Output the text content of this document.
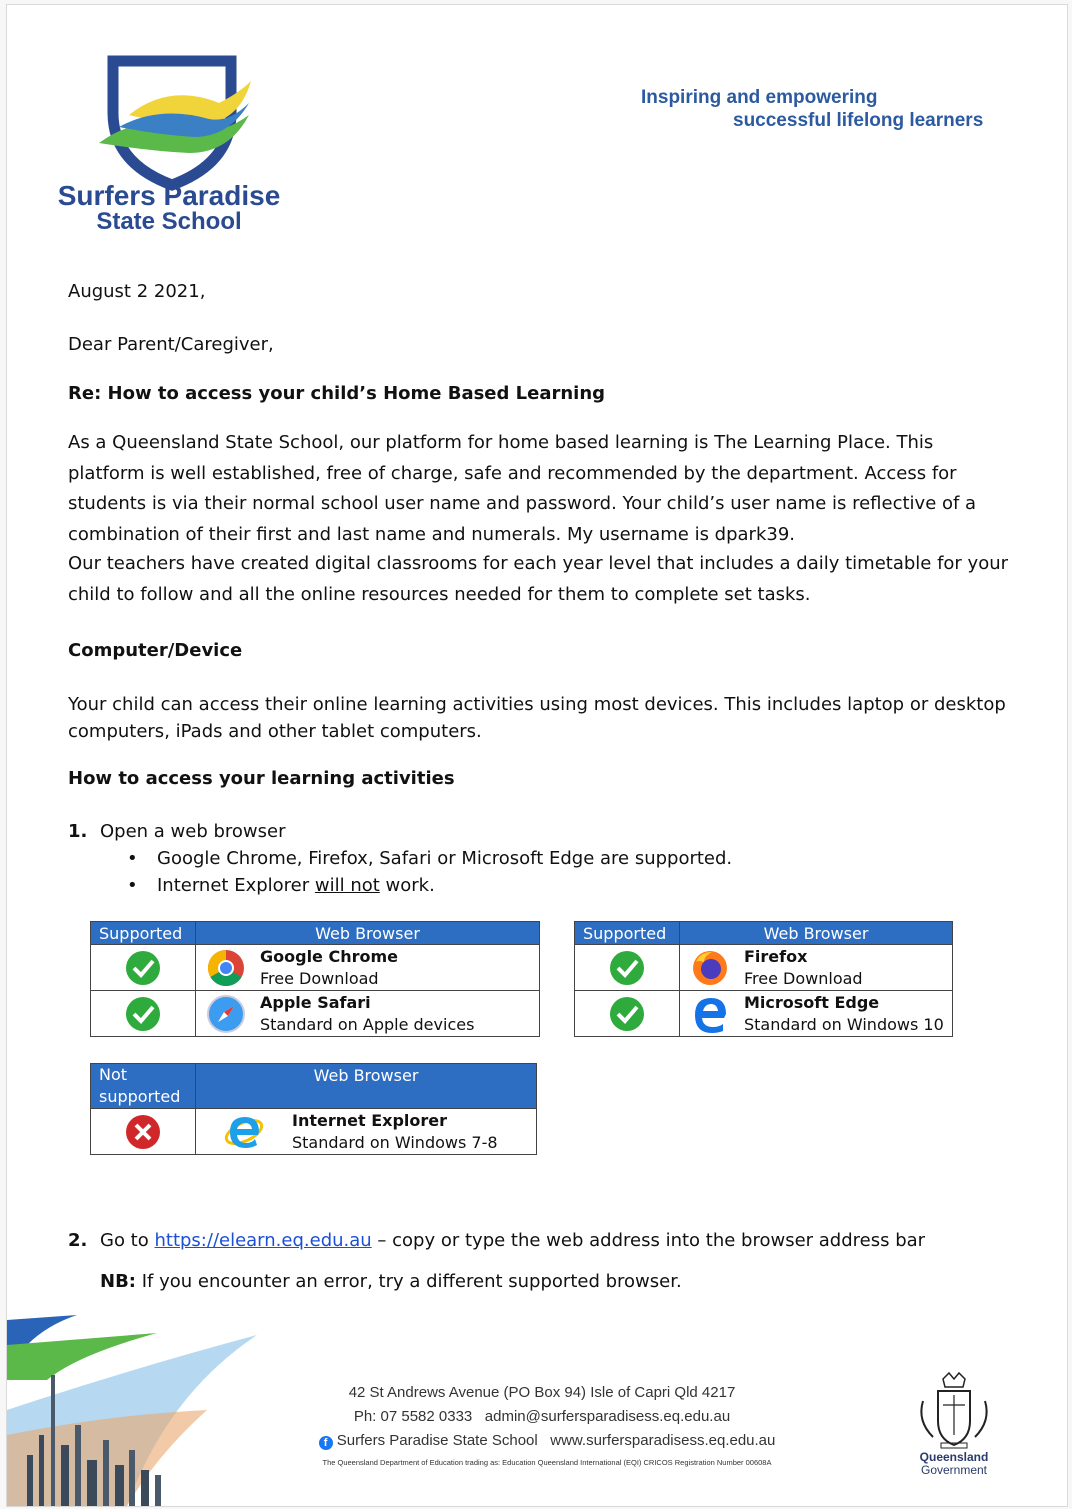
Surfers Paradise
State School
Inspiring and empowering
successful lifelong learners
August 2 2021,
Dear Parent/Caregiver,
Re: How to access your child’s Home Based Learning
As a Queensland State School, our platform for home based learning is The Learning Place. This platform is well established, free of charge, safe and recommended by the department. Access for students is via their normal school user name and password. Your child’s user name is reflective of a combination of their first and last name and numerals. My username is dpark39.
Our teachers have created digital classrooms for each year level that includes a daily timetable for your child to follow and all the online resources needed for them to complete set tasks.
Computer/Device
Your child can access their online learning activities using most devices. This includes laptop or desktop computers, iPads and other tablet computers.
How to access your learning activities
1. Open a web browser
• Google Chrome, Firefox, Safari or Microsoft Edge are supported.
• Internet Explorer will not work.
Supported	Web Browser

Google Chrome
Free Download

Apple Safari
Standard on Apple devices
Supported	Web Browser

Firefox
Free Download

Microsoft Edge
Standard on Windows 10
Not
supported	Web Browser

Internet Explorer
Standard on Windows 7-8
2. Go to https://elearn.eq.edu.au – copy or type the web address into the browser address bar
NB: If you encounter an error, try a different supported browser.
42 St Andrews Avenue (PO Box 94) Isle of Capri Qld 4217
Ph: 07 5582 0333 admin@surfersparadisess.eq.edu.au
f Surfers Paradise State School www.surfersparadisess.eq.edu.au
The Queensland Department of Education trading as: Education Queensland International (EQI) CRICOS Registration Number 00608A	Queensland
Government
